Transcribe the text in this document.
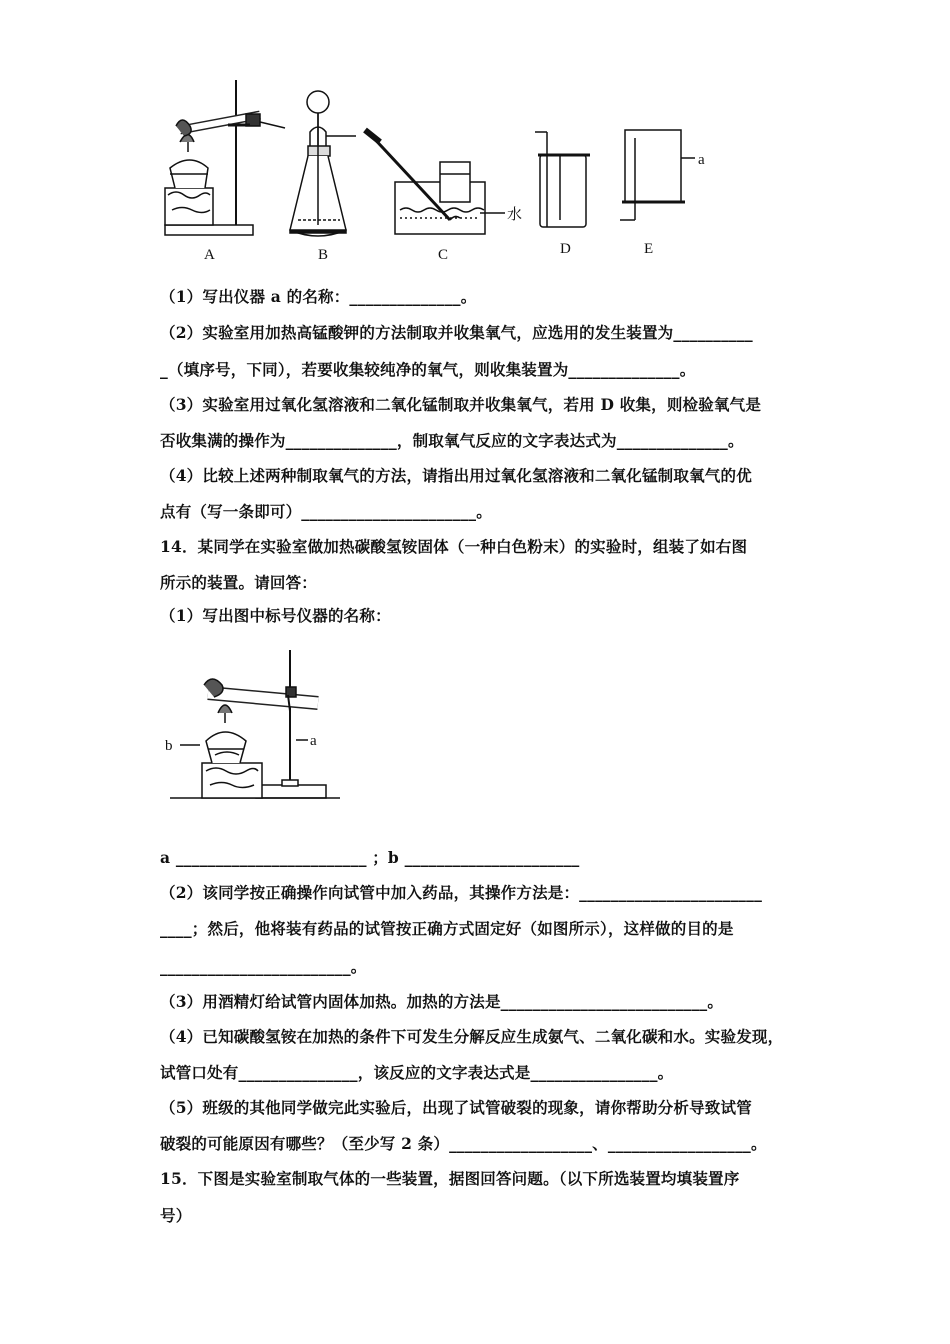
A	B	C	D	E
水
a
（1）写出仪器 a 的名称：______________。
（2）实验室用加热高锰酸钾的方法制取并收集氧气，应选用的发生装置为__________
_（填序号，下同），若要收集较纯净的氧气，则收集装置为______________。
（3）实验室用过氧化氢溶液和二氧化锰制取并收集氧气，若用 D 收集，则检验氧气是
否收集满的操作为______________，制取氧气反应的文字表达式为______________。
（4）比较上述两种制取氧气的方法，请指出用过氧化氢溶液和二氧化锰制取氧气的优
点有（写一条即可）______________________。
14．某同学在实验室做加热碳酸氢铵固体（一种白色粉末）的实验时，组装了如右图
所示的装置。请回答：
（1）写出图中标号仪器的名称：
a
b
a ________________________ ；b ______________________
（2）该同学按正确操作向试管中加入药品，其操作方法是：_______________________
____；然后，他将装有药品的试管按正确方式固定好（如图所示），这样做的目的是
________________________。
（3）用酒精灯给试管内固体加热。加热的方法是__________________________。
（4）已知碳酸氢铵在加热的条件下可发生分解反应生成氨气、二氧化碳和水。实验发现，
试管口处有_______________，该反应的文字表达式是________________。
（5）班级的其他同学做完此实验后，出现了试管破裂的现象，请你帮助分析导致试管
破裂的可能原因有哪些？（至少写 2 条）__________________、__________________。
15．下图是实验室制取气体的一些装置，据图回答问题。（以下所选装置均填装置序
号）
